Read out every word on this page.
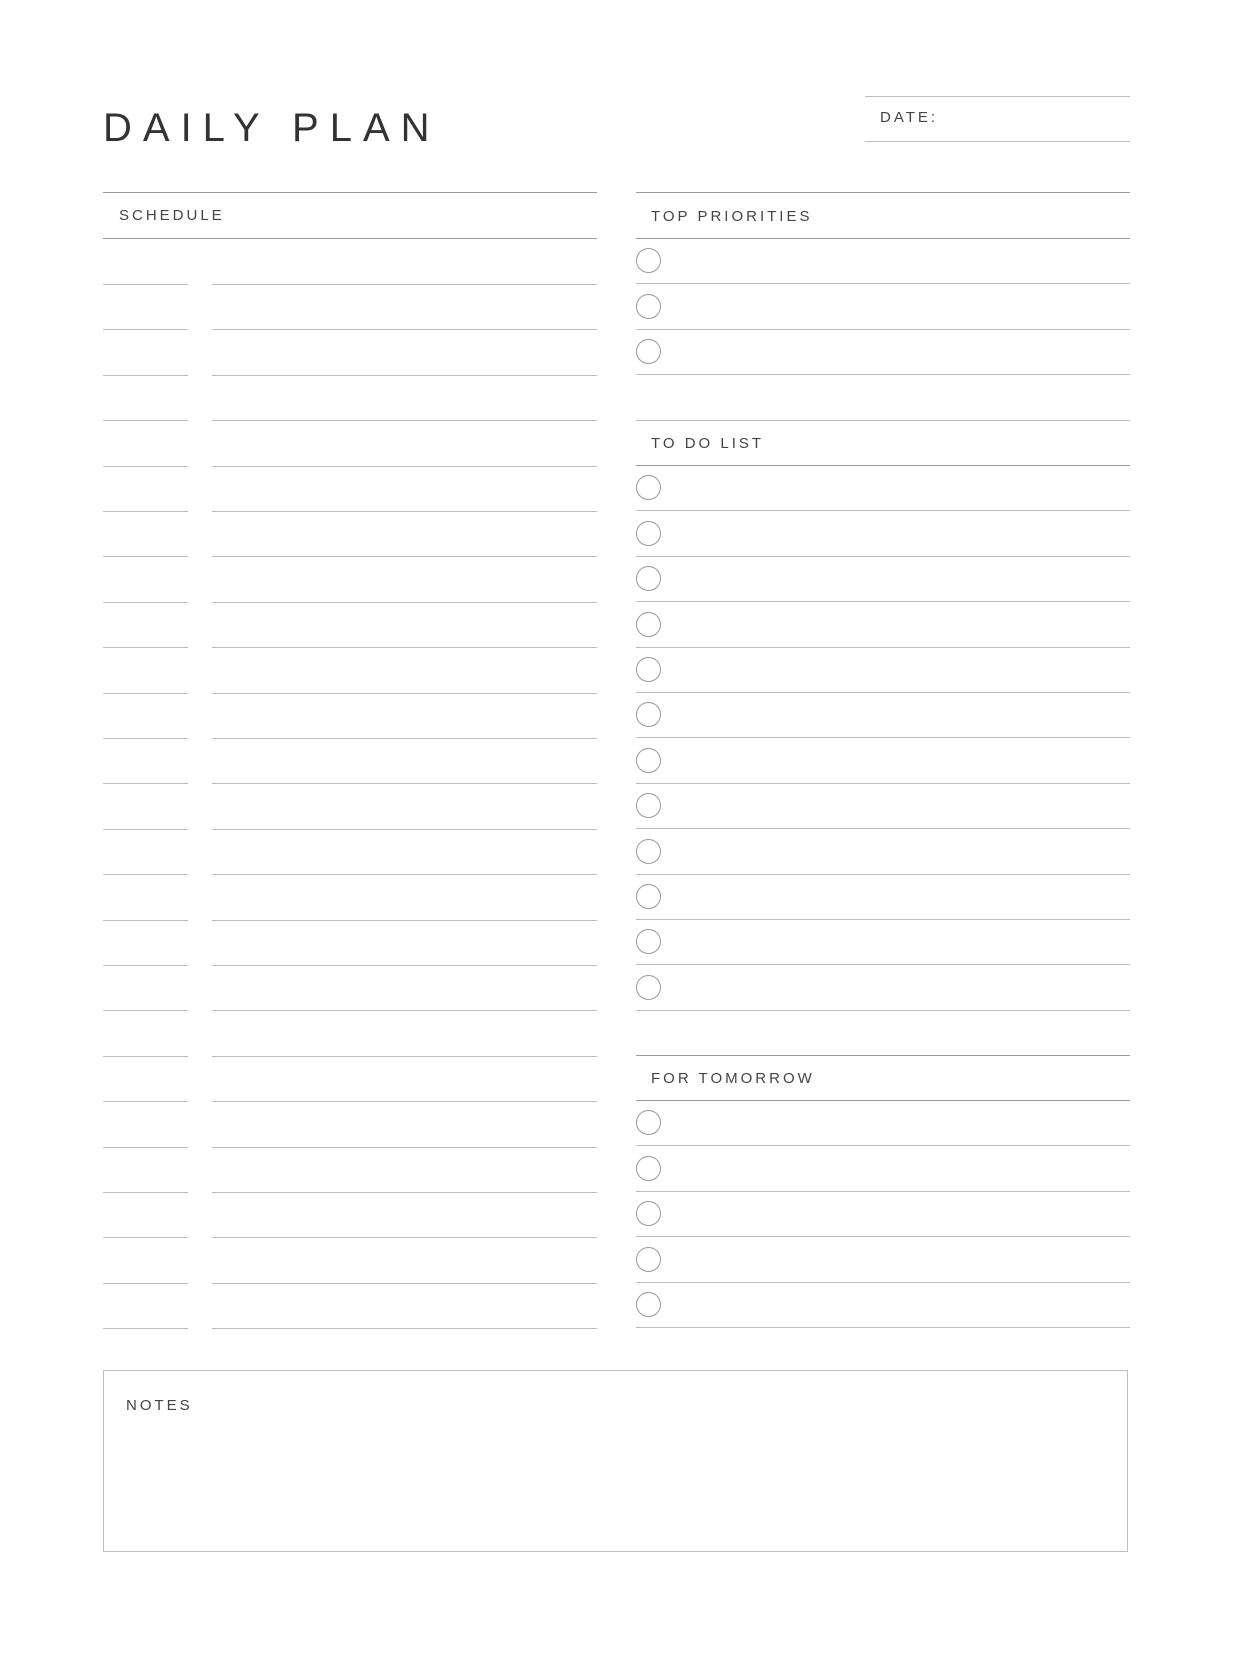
DAILY PLAN	DATE:
SCHEDULE	TOP PRIORITIES
TO DO LIST
FOR TOMORROW
NOTES
